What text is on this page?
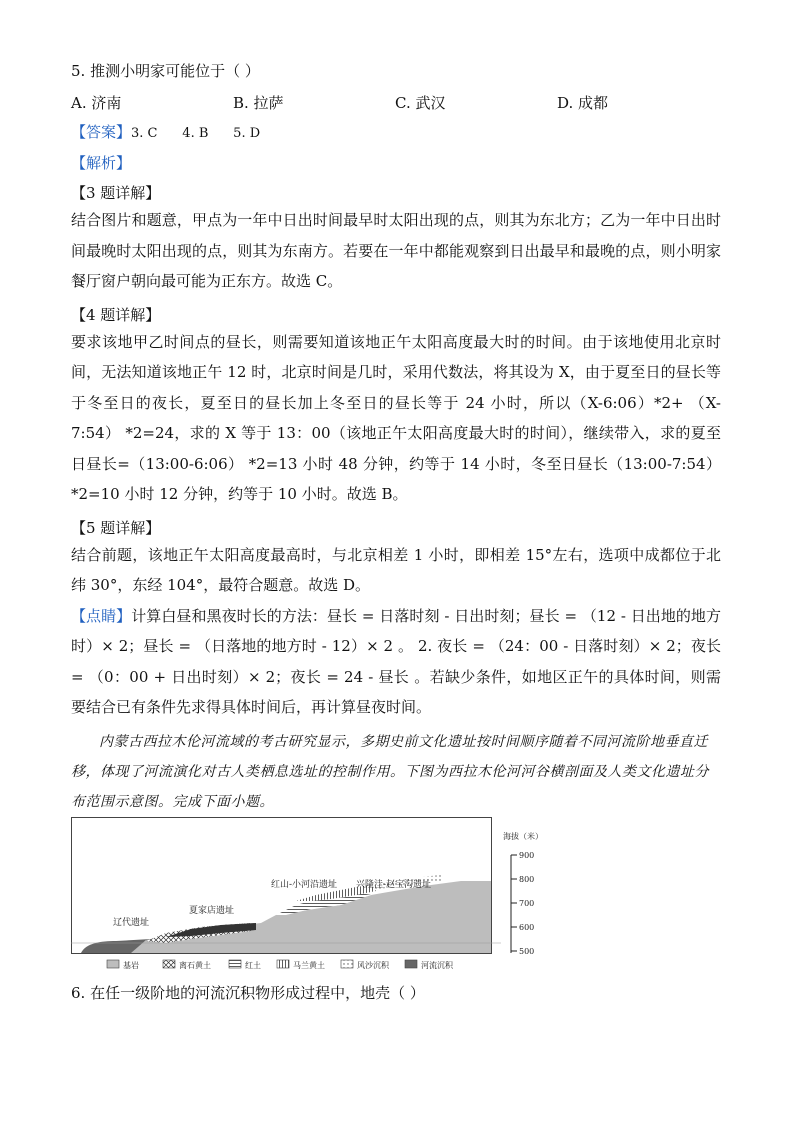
5. 推测小明家可能位于（ ）
A. 济南	B. 拉萨	C. 武汉	D. 成都
【答案】3. C      4. B      5. D
【解析】
【3 题详解】
结合图片和题意，甲点为一年中日出时间最早时太阳出现的点，则其为东北方；乙为一年中日出时间最晚时太阳出现的点，则其为东南方。若要在一年中都能观察到日出最早和最晚的点，则小明家餐厅窗户朝向最可能为正东方。故选 C。
【4 题详解】
要求该地甲乙时间点的昼长，则需要知道该地正午太阳高度最大时的时间。由于该地使用北京时间，无法知道该地正午 12 时，北京时间是几时，采用代数法，将其设为 X，由于夏至日的昼长等于冬至日的夜长，夏至日的昼长加上冬至日的昼长等于 24 小时，所以（X-6:06）*2+ （X-7:54） *2=24，求的 X 等于 13：00（该地正午太阳高度最大时的时间），继续带入，求的夏至日昼长=（13:00-6:06） *2=13 小时 48 分钟，约等于 14 小时，冬至日昼长（13:00-7:54）*2=10 小时 12 分钟，约等于 10 小时。故选 B。
【5 题详解】
结合前题，该地正午太阳高度最高时，与北京相差 1 小时，即相差 15°左右，选项中成都位于北纬 30°，东经 104°，最符合题意。故选 D。
【点睛】计算白昼和黑夜时长的方法：昼长 = 日落时刻 - 日出时刻；昼长 = （12 - 日出地的地方时）× 2；昼长 = （日落地的地方时 - 12）× 2 。 2. 夜长 = （24：00 - 日落时刻）× 2；夜长 = （0：00 + 日出时刻）× 2；夜长 = 24 - 昼长 。若缺少条件，如地区正午的具体时间，则需要结合已有条件先求得具体时间后，再计算昼夜时间。
内蒙古西拉木伦河流域的考古研究显示，多期史前文化遗址按时间顺序随着不同河流阶地垂直迁移，体现了河流演化对古人类栖息选址的控制作用。下图为西拉木伦河河谷横剖面及人类文化遗址分布范围示意图。完成下面小题。
辽代遗址
夏家店遗址
红山-小河沿遗址 兴隆洼-赵宝沟遗址
海拔（米）
900
800
700
600
500
基岩	离石黄土	红土	马兰黄土	风沙沉积	河流沉积
6. 在任一级阶地的河流沉积物形成过程中，地壳（ ）
